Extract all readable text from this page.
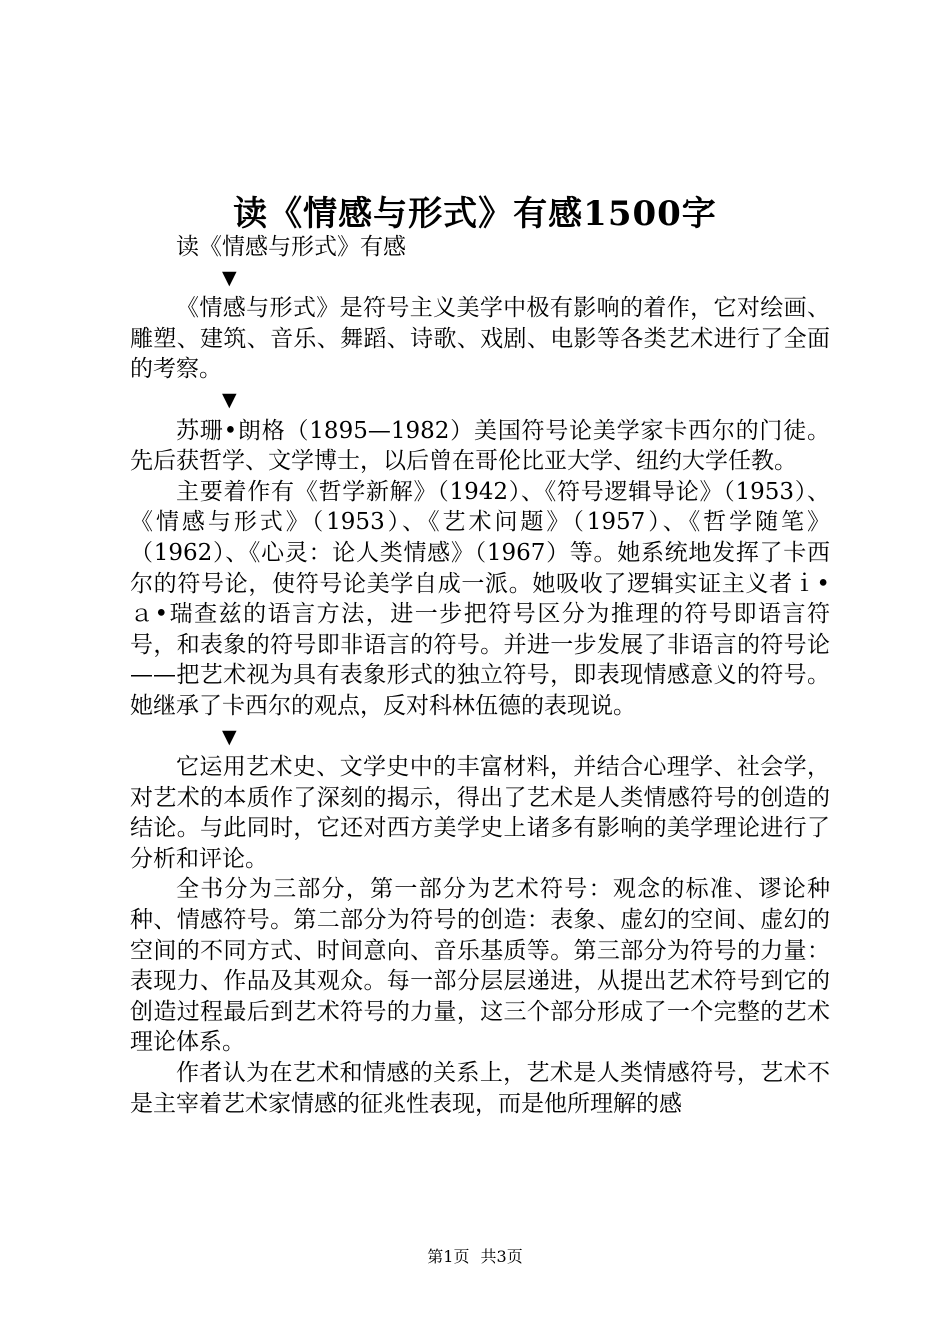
读《情感与形式》有感1500字

读《情感与形式》有感

▼

《情感与形式》是符号主义美学中极有影响的着作，它对绘画、雕塑、建筑、音乐、舞蹈、诗歌、戏剧、电影等各类艺术进行了全面的考察。

▼

苏珊•朗格（1895—1982）美国符号论美学家卡西尔的门徒。先后获哲学、文学博士，以后曾在哥伦比亚大学、纽约大学任教。

主要着作有《哲学新解》（1942）、《符号逻辑导论》（1953）、《情感与形式》（1953）、《艺术问题》（1957）、《哲学随笔》（1962）、《心灵：论人类情感》（1967）等。她系统地发挥了卡西尔的符号论，使符号论美学自成一派。她吸收了逻辑实证主义者ｉ•ａ•瑞查兹的语言方法，进一步把符号区分为推理的符号即语言符号，和表象的符号即非语言的符号。并进一步发展了非语言的符号论——把艺术视为具有表象形式的独立符号，即表现情感意义的符号。她继承了卡西尔的观点，反对科林伍德的表现说。

▼

它运用艺术史、文学史中的丰富材料，并结合心理学、社会学，对艺术的本质作了深刻的揭示，得出了艺术是人类情感符号的创造的结论。与此同时，它还对西方美学史上诸多有影响的美学理论进行了分析和评论。

全书分为三部分，第一部分为艺术符号：观念的标准、谬论种种、情感符号。第二部分为符号的创造：表象、虚幻的空间、虚幻的空间的不同方式、时间意向、音乐基质等。第三部分为符号的力量：表现力、作品及其观众。每一部分层层递进，从提出艺术符号到它的创造过程最后到艺术符号的力量，这三个部分形成了一个完整的艺术理论体系。

作者认为在艺术和情感的关系上，艺术是人类情感符号，艺术不是主宰着艺术家情感的征兆性表现，而是他所理解的感

第1页 共3页
